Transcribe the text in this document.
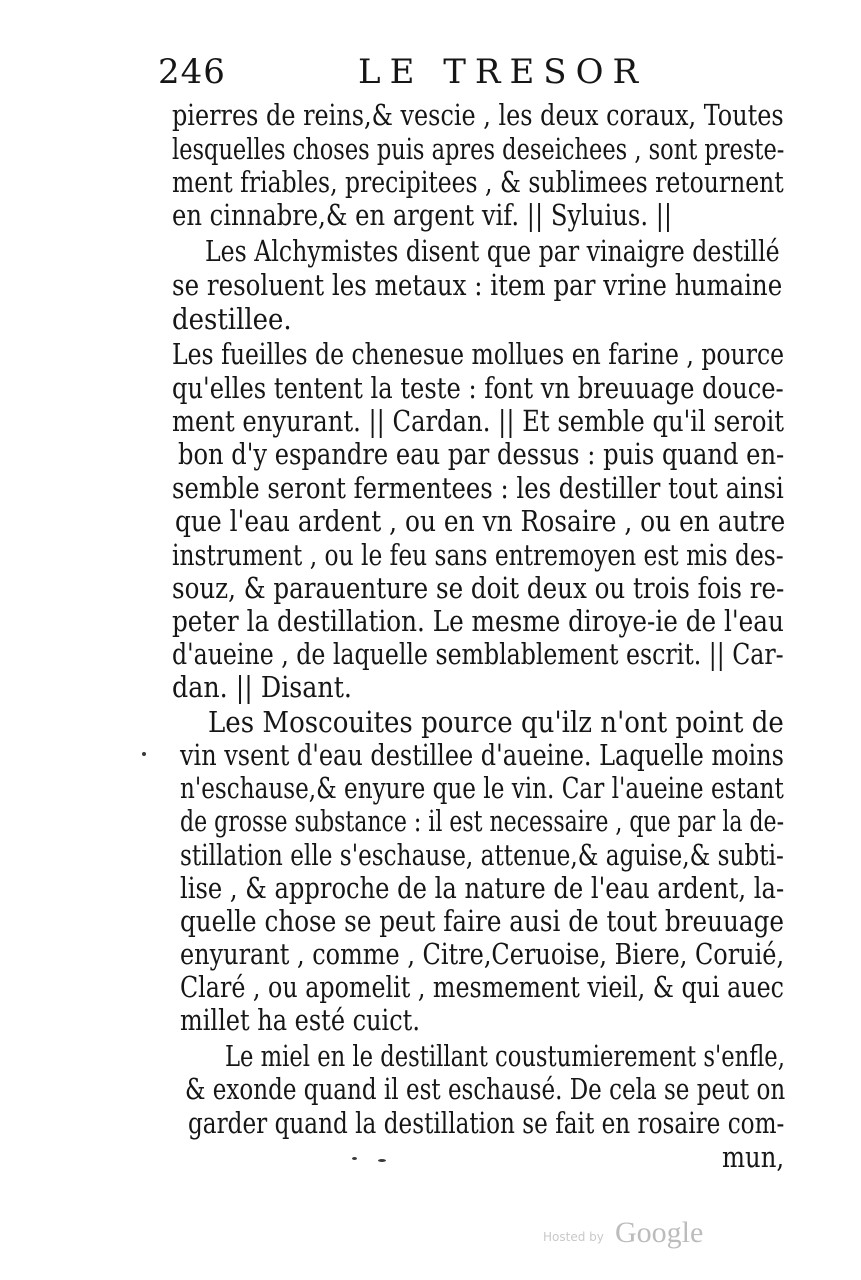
246	LE TRESOR
pierres de reins,& vescie , les deux coraux, Toutes
lesquelles choses puis apres deseichees , sont preste-
ment friables, precipitees , & sublimees retournent
en cinnabre,& en argent vif. || Syluius. ||
Les Alchymistes disent que par vinaigre destillé
se resoluent les metaux : item par vrine humaine
destillee.
Les fueilles de chenesue mollues en farine , pource
qu'elles tentent la teste : font vn breuuage douce-
ment enyurant. || Cardan. || Et semble qu'il seroit
bon d'y espandre eau par dessus : puis quand en-
semble seront fermentees : les destiller tout ainsi
que l'eau ardent , ou en vn Rosaire , ou en autre
instrument , ou le feu sans entremoyen est mis des-
souz, & parauenture se doit deux ou trois fois re-
peter la destillation. Le mesme diroye-ie de l'eau
d'aueine , de laquelle semblablement escrit. || Car-
dan. || Disant.
Les Moscouites pource qu'ilz n'ont point de
vin vsent d'eau destillee d'aueine. Laquelle moins
n'eschause,& enyure que le vin. Car l'aueine estant
de grosse substance : il est necessaire , que par la de-
stillation elle s'eschause, attenue,& aguise,& subti-
lise , & approche de la nature de l'eau ardent, la-
quelle chose se peut faire ausi de tout breuuage
enyurant , comme , Citre,Ceruoise, Biere, Coruié,
Claré , ou apomelit , mesmement vieil, & qui auec
millet ha esté cuict.
Le miel en le destillant coustumierement s'enfle,
& exonde quand il est eschausé. De cela se peut on
garder quand la destillation se fait en rosaire com-
mun,
Hosted by Google
